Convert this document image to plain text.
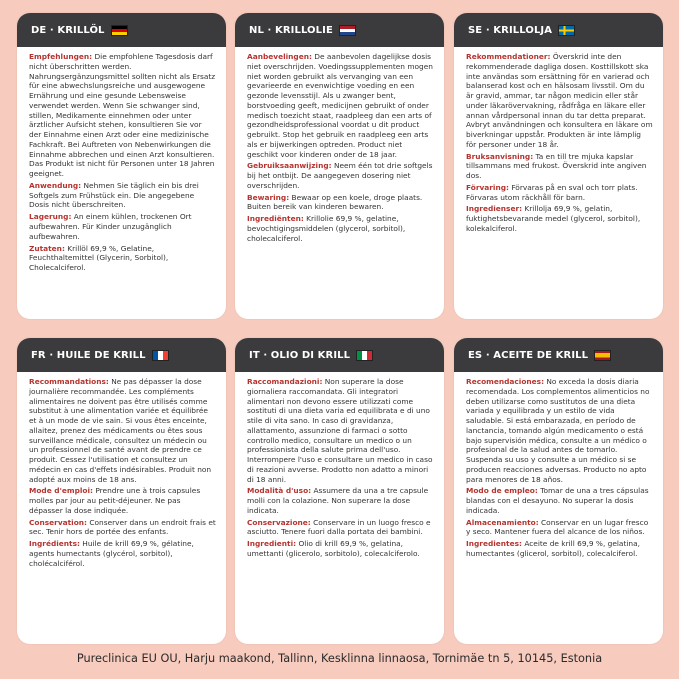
DE · KRILLÖL

Empfehlungen: Die empfohlene Tagesdosis darf nicht überschritten werden. Nahrungsergänzungsmittel sollten nicht als Ersatz für eine abwechslungsreiche und ausgewogene Ernährung und eine gesunde Lebensweise verwendet werden. Wenn Sie schwanger sind, stillen, Medikamente einnehmen oder unter ärztlicher Aufsicht stehen, konsultieren Sie vor der Einnahme einen Arzt oder eine medizinische Fachkraft. Bei Auftreten von Nebenwirkungen die Einnahme abbrechen und einen Arzt konsultieren. Das Produkt ist nicht für Personen unter 18 Jahren geeignet.

Anwendung: Nehmen Sie täglich ein bis drei Softgels zum Frühstück ein. Die angegebene Dosis nicht überschreiten.

Lagerung: An einem kühlen, trockenen Ort aufbewahren. Für Kinder unzugänglich aufbewahren.

Zutaten: Krillöl 69,9 %, Gelatine, Feuchthaltemittel (Glycerin, Sorbitol), Cholecalciferol.

NL · KRILLOLIE

Aanbevelingen: De aanbevolen dagelijkse dosis niet overschrijden. Voedingssupplementen mogen niet worden gebruikt als vervanging van een gevarieerde en evenwichtige voeding en een gezonde levensstijl. Als u zwanger bent, borstvoeding geeft, medicijnen gebruikt of onder medisch toezicht staat, raadpleeg dan een arts of gezondheidsprofessional voordat u dit product gebruikt. Stop het gebruik en raadpleeg een arts als er bijwerkingen optreden. Product niet geschikt voor kinderen onder de 18 jaar.

Gebruiksaanwijzing: Neem één tot drie softgels bij het ontbijt. De aangegeven dosering niet overschrijden.

Bewaring: Bewaar op een koele, droge plaats. Buiten bereik van kinderen bewaren.

Ingrediënten: Krillolie 69,9 %, gelatine, bevochtigingsmiddelen (glycerol, sorbitol), cholecalciferol.

SE · KRILLOLJA

Rekommendationer: Överskrid inte den rekommenderade dagliga dosen. Kosttillskott ska inte användas som ersättning för en varierad och balanserad kost och en hälsosam livsstil. Om du är gravid, ammar, tar någon medicin eller står under läkarövervakning, rådfråga en läkare eller annan vårdpersonal innan du tar detta preparat. Avbryt användningen och konsultera en läkare om biverkningar uppstår. Produkten är inte lämplig för personer under 18 år.

Bruksanvisning: Ta en till tre mjuka kapslar tillsammans med frukost. Överskrid inte angiven dos.

Förvaring: Förvaras på en sval och torr plats. Förvaras utom räckhåll för barn.

Ingredienser: Krillolja 69,9 %, gelatin, fuktighetsbevarande medel (glycerol, sorbitol), kolekalciferol.

FR · HUILE DE KRILL

Recommandations: Ne pas dépasser la dose journalière recommandée. Les compléments alimentaires ne doivent pas être utilisés comme substitut à une alimentation variée et équilibrée et à un mode de vie sain. Si vous êtes enceinte, allaitez, prenez des médicaments ou êtes sous surveillance médicale, consultez un médecin ou un professionnel de santé avant de prendre ce produit. Cessez l'utilisation et consultez un médecin en cas d'effets indésirables. Produit non adopté aux moins de 18 ans.

Mode d'emploi: Prendre une à trois capsules molles par jour au petit-déjeuner. Ne pas dépasser la dose indiquée.

Conservation: Conserver dans un endroit frais et sec. Tenir hors de portée des enfants.

Ingrédients: Huile de krill 69,9 %, gélatine, agents humectants (glycérol, sorbitol), cholécalciférol.

IT · OLIO DI KRILL

Raccomandazioni: Non superare la dose giornaliera raccomandata. Gli integratori alimentari non devono essere utilizzati come sostituti di una dieta varia ed equilibrata e di uno stile di vita sano. In caso di gravidanza, allattamento, assunzione di farmaci o sotto controllo medico, consultare un medico o un professionista della salute prima dell'uso. Interrompere l'uso e consultare un medico in caso di reazioni avverse. Prodotto non adatto a minori di 18 anni.

Modalità d'uso: Assumere da una a tre capsule molli con la colazione. Non superare la dose indicata.

Conservazione: Conservare in un luogo fresco e asciutto. Tenere fuori dalla portata dei bambini.

Ingredienti: Olio di krill 69,9 %, gelatina, umettanti (glicerolo, sorbitolo), colecalciferolo.

ES · ACEITE DE KRILL

Recomendaciones: No exceda la dosis diaria recomendada. Los complementos alimenticios no deben utilizarse como sustitutos de una dieta variada y equilibrada y un estilo de vida saludable. Si está embarazada, en período de lanctancia, tomando algún medicamento o está bajo supervisión médica, consulte a un médico o profesional de la salud antes de tomarlo. Suspenda su uso y consulte a un médico si se producen reacciones adversas. Producto no apto para menores de 18 años.

Modo de empleo: Tomar de una a tres cápsulas blandas con el desayuno. No superar la dosis indicada.

Almacenamiento: Conservar en un lugar fresco y seco. Mantener fuera del alcance de los niños.

Ingredientes: Aceite de krill 69,9 %, gelatina, humectantes (glicerol, sorbitol), colecalciferol.

Pureclinica EU OU, Harju maakond, Tallinn, Kesklinna linnaosa, Tornimäe tn 5, 10145, Estonia
